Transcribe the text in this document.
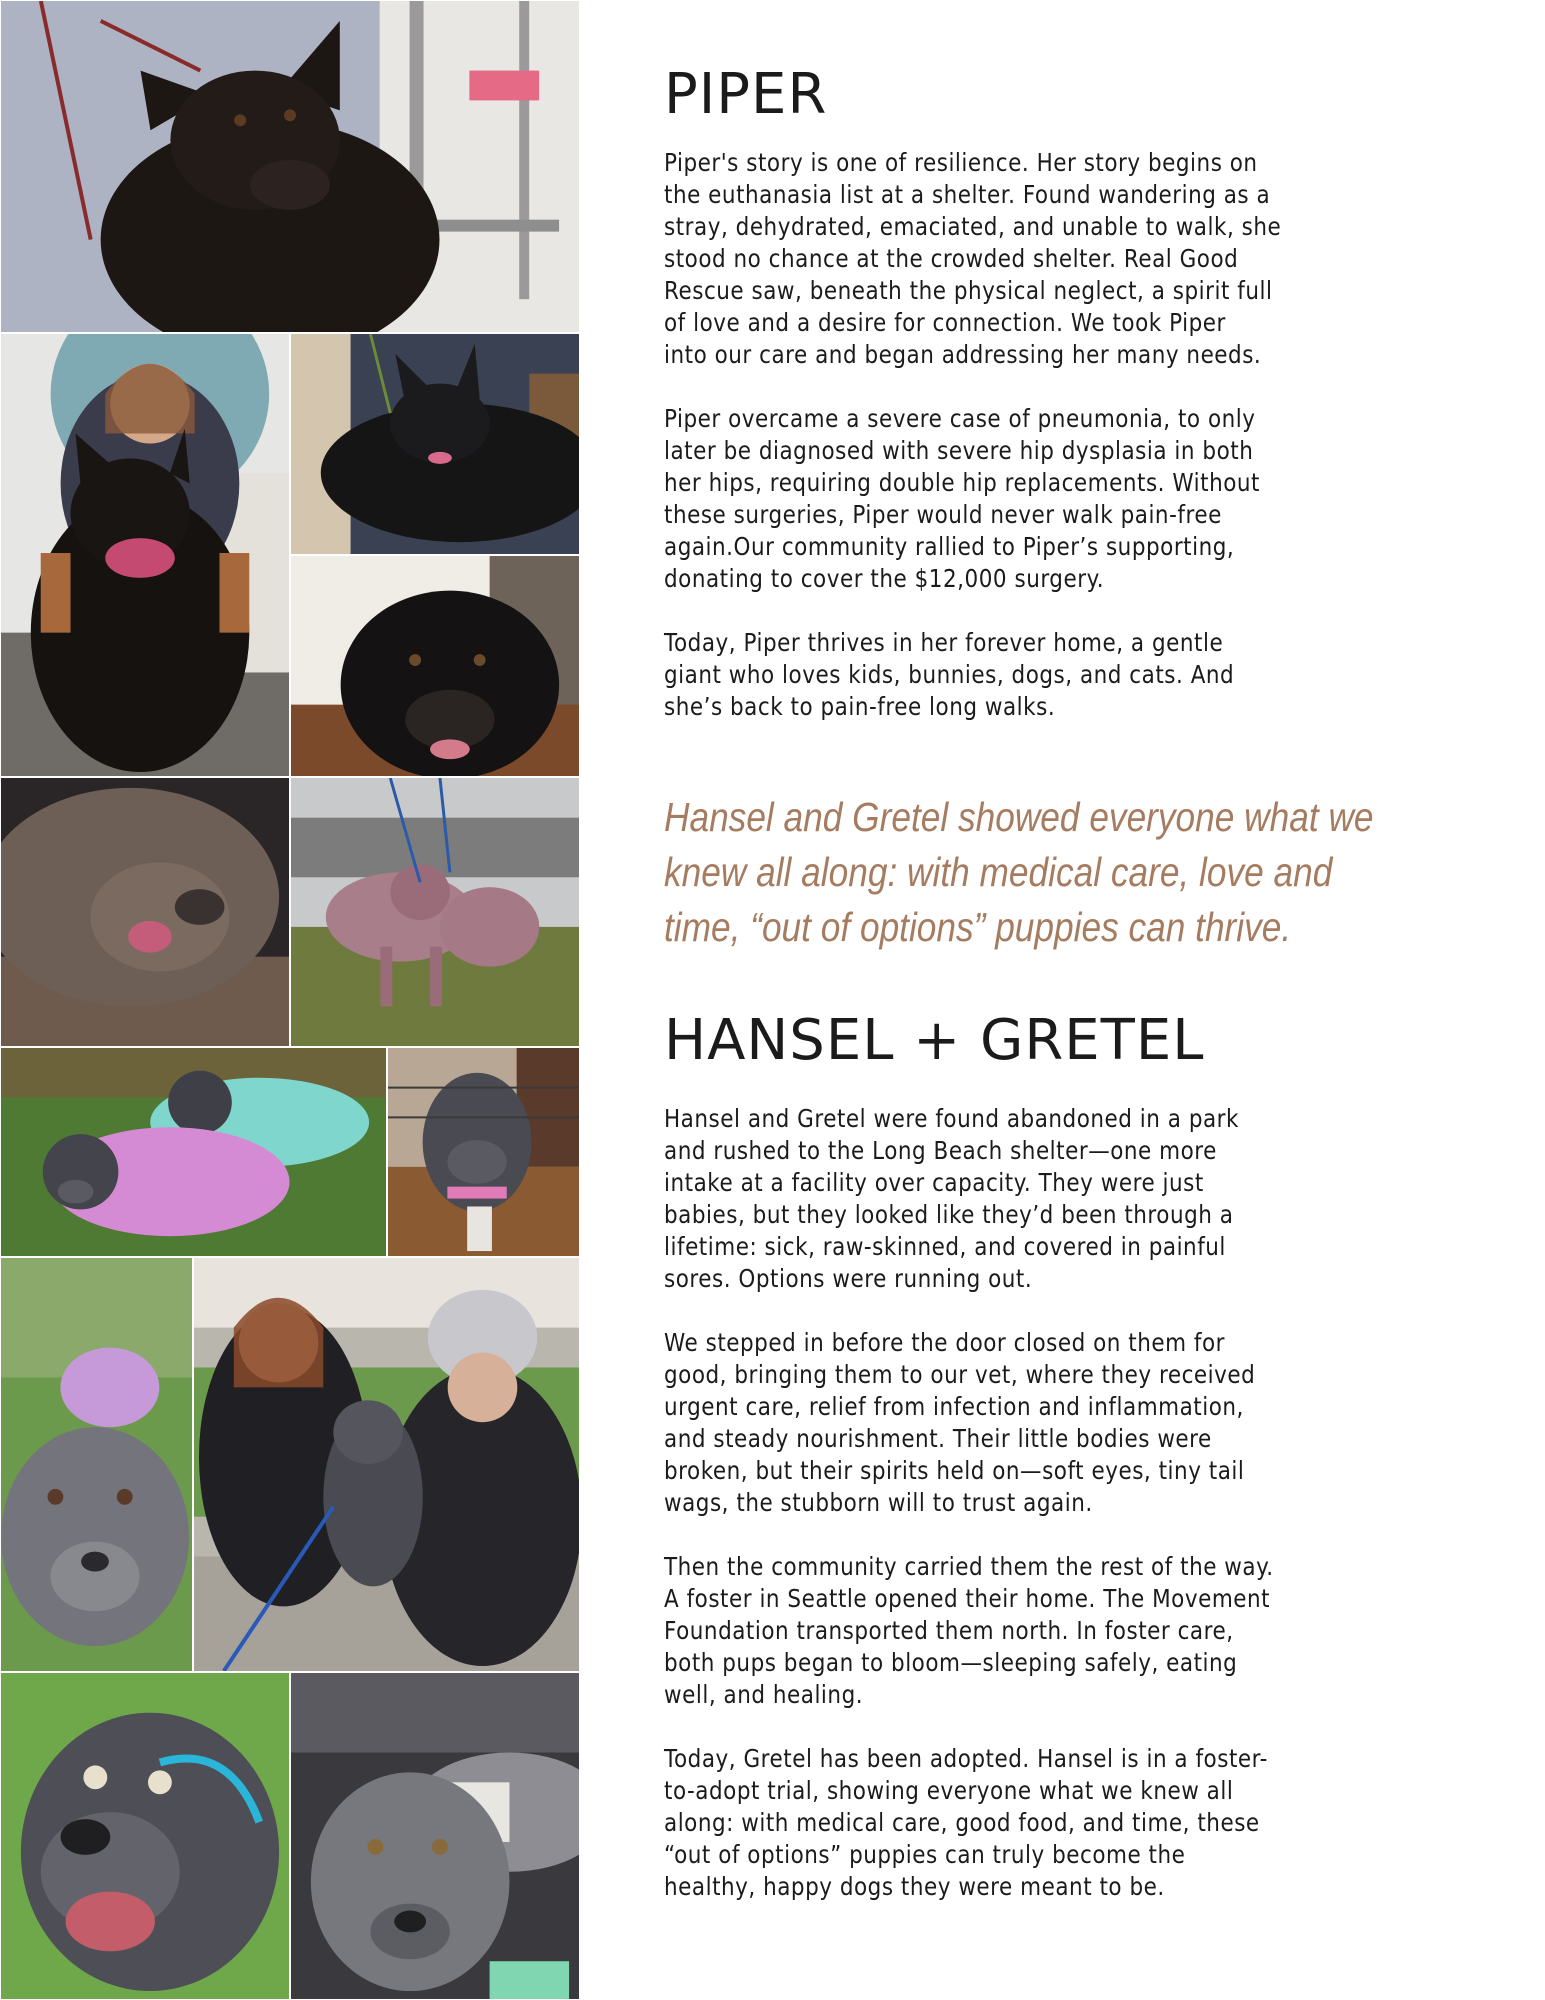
PIPER

Piper's story is one of resilience. Her story begins on
the euthanasia list at a shelter. Found wandering as a
stray, dehydrated, emaciated, and unable to walk, she
stood no chance at the crowded shelter. Real Good
Rescue saw, beneath the physical neglect, a spirit full
of love and a desire for connection. We took Piper
into our care and began addressing her many needs.

Piper overcame a severe case of pneumonia, to only
later be diagnosed with severe hip dysplasia in both
her hips, requiring double hip replacements. Without
these surgeries, Piper would never walk pain-free
again.Our community rallied to Piper’s supporting,
donating to cover the $12,000 surgery.

Today, Piper thrives in her forever home, a gentle
giant who loves kids, bunnies, dogs, and cats. And
she’s back to pain-free long walks.

Hansel and Gretel showed everyone what we
knew all along: with medical care, love and
time, “out of options” puppies can thrive.

HANSEL + GRETEL

Hansel and Gretel were found abandoned in a park
and rushed to the Long Beach shelter—one more
intake at a facility over capacity. They were just
babies, but they looked like they’d been through a
lifetime: sick, raw-skinned, and covered in painful
sores. Options were running out.

We stepped in before the door closed on them for
good, bringing them to our vet, where they received
urgent care, relief from infection and inflammation,
and steady nourishment. Their little bodies were
broken, but their spirits held on—soft eyes, tiny tail
wags, the stubborn will to trust again.

Then the community carried them the rest of the way.
A foster in Seattle opened their home. The Movement
Foundation transported them north. In foster care,
both pups began to bloom—sleeping safely, eating
well, and healing.

Today, Gretel has been adopted. Hansel is in a foster-
to-adopt trial, showing everyone what we knew all
along: with medical care, good food, and time, these
“out of options” puppies can truly become the
healthy, happy dogs they were meant to be.
